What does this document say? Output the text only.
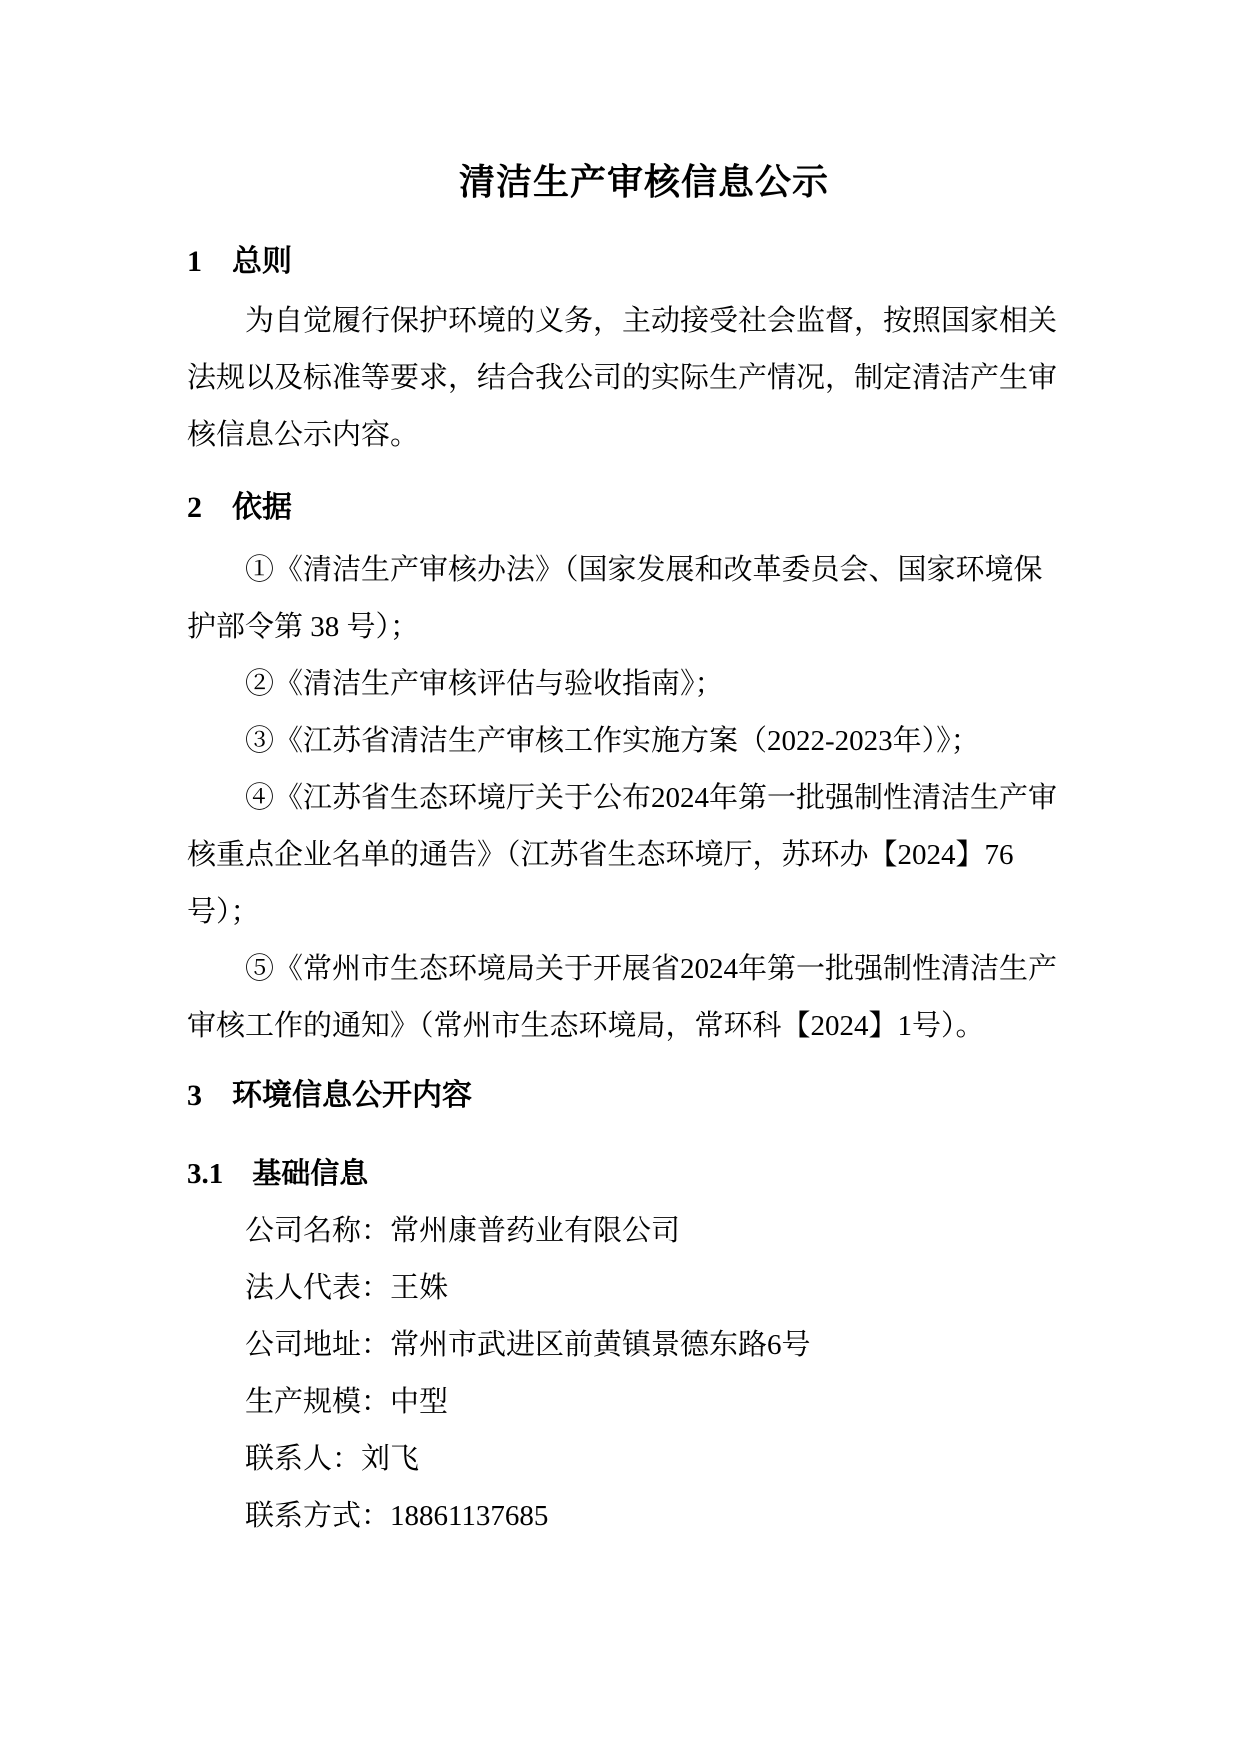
清洁生产审核信息公示
1　总则
为自觉履行保护环境的义务，主动接受社会监督，按照国家相关
法规以及标准等要求，结合我公司的实际生产情况，制定清洁产生审
核信息公示内容。
2　依据
①《清洁生产审核办法》（国家发展和改革委员会、国家环境保
护部令第 38 号）；
②《清洁生产审核评估与验收指南》；
③《江苏省清洁生产审核工作实施方案（2022-2023年）》；
④《江苏省生态环境厅关于公布2024年第一批强制性清洁生产审
核重点企业名单的通告》（江苏省生态环境厅，苏环办【2024】76
号）；
⑤《常州市生态环境局关于开展省2024年第一批强制性清洁生产
审核工作的通知》（常州市生态环境局，常环科【2024】1号）。
3　环境信息公开内容
3.1　基础信息
公司名称：常州康普药业有限公司
法人代表：王姝
公司地址：常州市武进区前黄镇景德东路6号
生产规模：中型
联系人：刘飞
联系方式：18861137685
